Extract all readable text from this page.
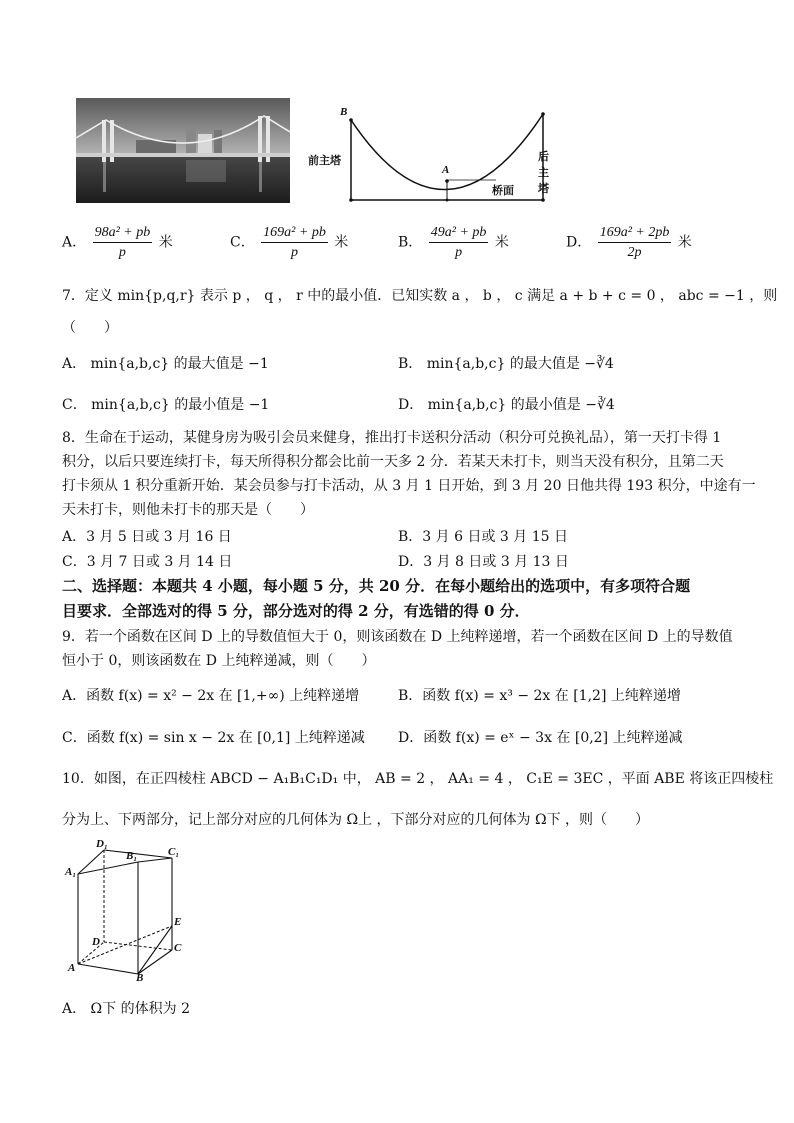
B
A
前主塔	后主塔
桥面
A． $\frac{\text{98a² + pb}}{p}$ 米	C． $\frac{\text{169a² + pb}}{p}$ 米	B． $\frac{\text{49a² + pb}}{p}$ 米	D． $\frac{\text{169a² + 2pb}}{2p}$ 米
7．定义 min{p,q,r} 表示 p ， q ， r 中的最小值．已知实数 a ， b ， c 满足 a + b + c = 0 ， abc = −1 ，则
（　　）
A． min{a,b,c} 的最大值是 −1	B． min{a,b,c} 的最大值是 −∛4
C． min{a,b,c} 的最小值是 −1	D． min{a,b,c} 的最小值是 −∛4
8．生命在于运动，某健身房为吸引会员来健身，推出打卡送积分活动（积分可兑换礼品），第一天打卡得 1
积分，以后只要连续打卡，每天所得积分都会比前一天多 2 分．若某天未打卡，则当天没有积分，且第二天
打卡须从 1 积分重新开始．某会员参与打卡活动，从 3 月 1 日开始，到 3 月 20 日他共得 193 积分，中途有一
天未打卡，则他未打卡的那天是（　　）
A．3 月 5 日或 3 月 16 日	B．3 月 6 日或 3 月 15 日
C．3 月 7 日或 3 月 14 日	D．3 月 8 日或 3 月 13 日
二、选择题：本题共 4 小题，每小题 5 分，共 20 分．在每小题给出的选项中，有多项符合题
目要求．全部选对的得 5 分，部分选对的得 2 分，有选错的得 0 分．
9．若一个函数在区间 D 上的导数值恒大于 0，则该函数在 D 上纯粹递增，若一个函数在区间 D 上的导数值
恒小于 0，则该函数在 D 上纯粹递减，则（　　）
A．函数 f(x) = x² − 2x 在 [1,+∞) 上纯粹递增	B．函数 f(x) = x³ − 2x 在 [1,2] 上纯粹递增
C．函数 f(x) = sin x − 2x 在 [0,1] 上纯粹递减 D．函数 f(x) = eˣ − 3x 在 [0,2] 上纯粹递减
10．如图，在正四棱柱 ABCD − A₁B₁C₁D₁ 中， AB = 2 ， AA₁ = 4 ， C₁E = 3EC ，平面 ABE 将该正四棱柱
分为上、下两部分，记上部分对应的几何体为 Ω上 ，下部分对应的几何体为 Ω下 ，则（　　）
D₁
B₁	C₁
A₁
E
D	C
A
B
A． Ω下 的体积为 2
